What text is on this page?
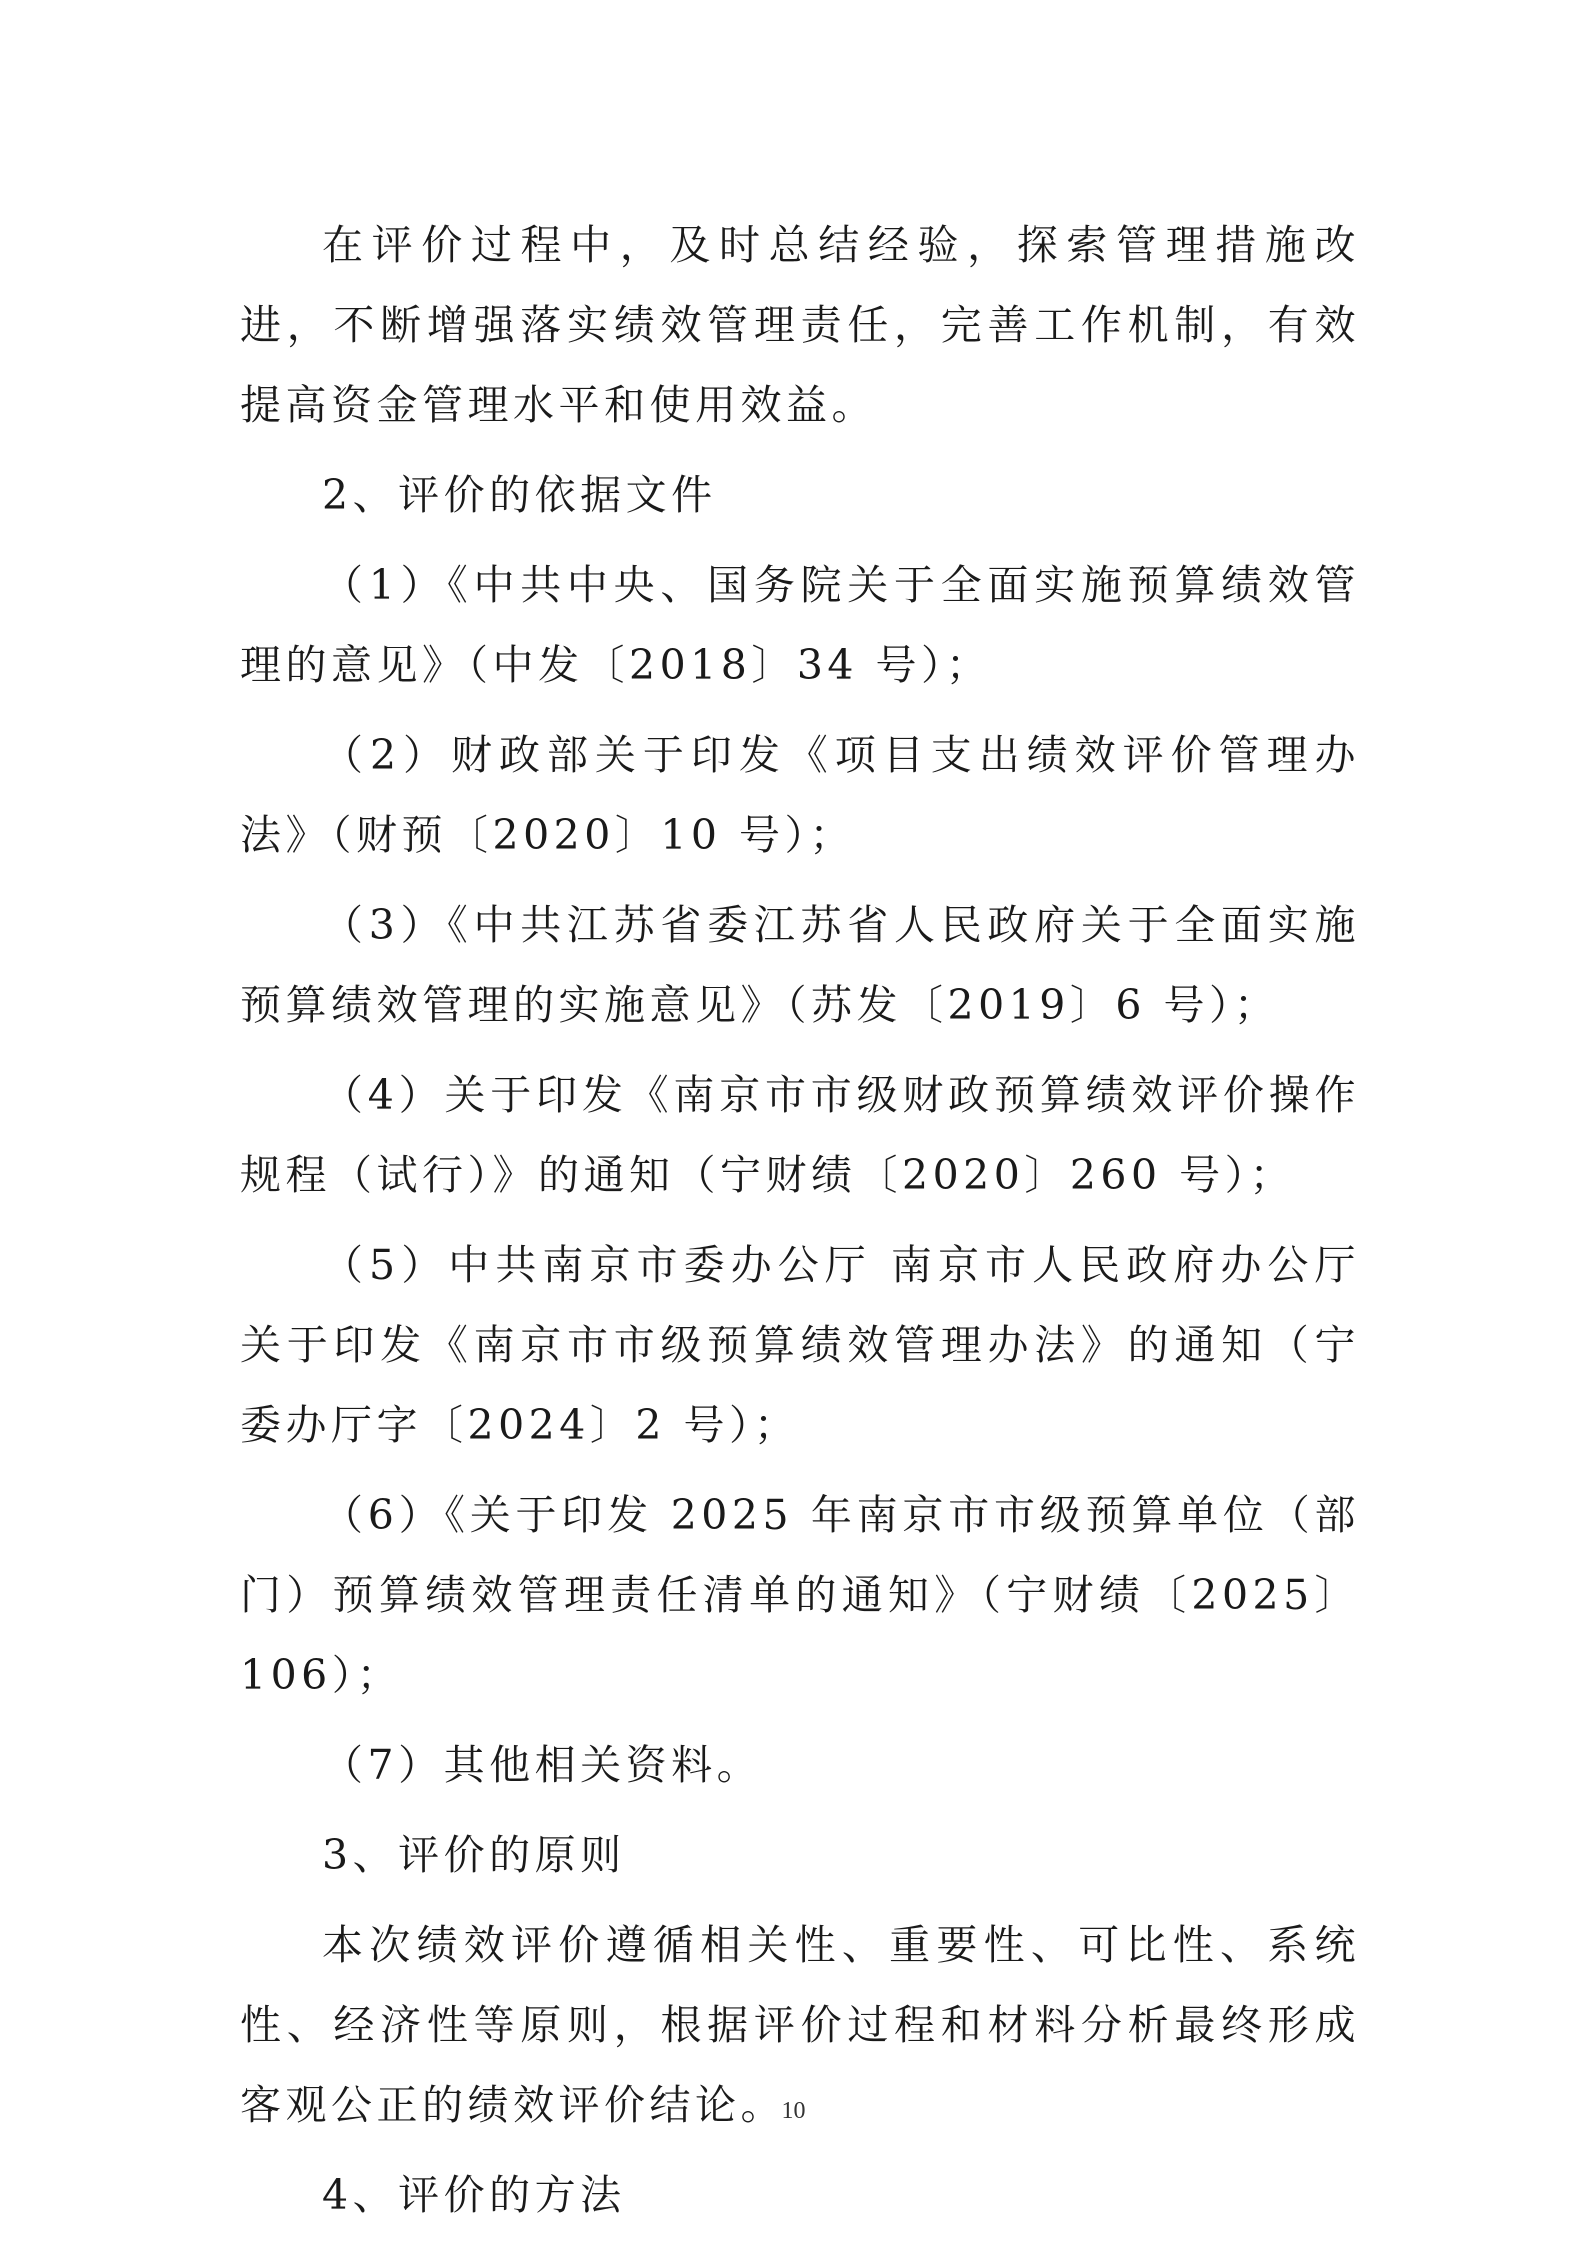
在评价过程中，及时总结经验，探索管理措施改进，不断增强落实绩效管理责任，完善工作机制，有效提高资金管理水平和使用效益。

2、评价的依据文件

（1）《中共中央、国务院关于全面实施预算绩效管理的意见》（中发〔2018〕34 号）；

（2）财政部关于印发《项目支出绩效评价管理办法》（财预〔2020〕10 号）；

（3）《中共江苏省委江苏省人民政府关于全面实施预算绩效管理的实施意见》（苏发〔2019〕6 号）；

（4）关于印发《南京市市级财政预算绩效评价操作规程（试行）》的通知（宁财绩〔2020〕260 号）；

（5）中共南京市委办公厅 南京市人民政府办公厅关于印发《南京市市级预算绩效管理办法》的通知（宁委办厅字〔2024〕2 号）；

（6）《关于印发 2025 年南京市市级预算单位（部门）预算绩效管理责任清单的通知》（宁财绩〔2025〕106）；

（7）其他相关资料。

3、评价的原则

本次绩效评价遵循相关性、重要性、可比性、系统性、经济性等原则，根据评价过程和材料分析最终形成客观公正的绩效评价结论。

4、评价的方法

10
